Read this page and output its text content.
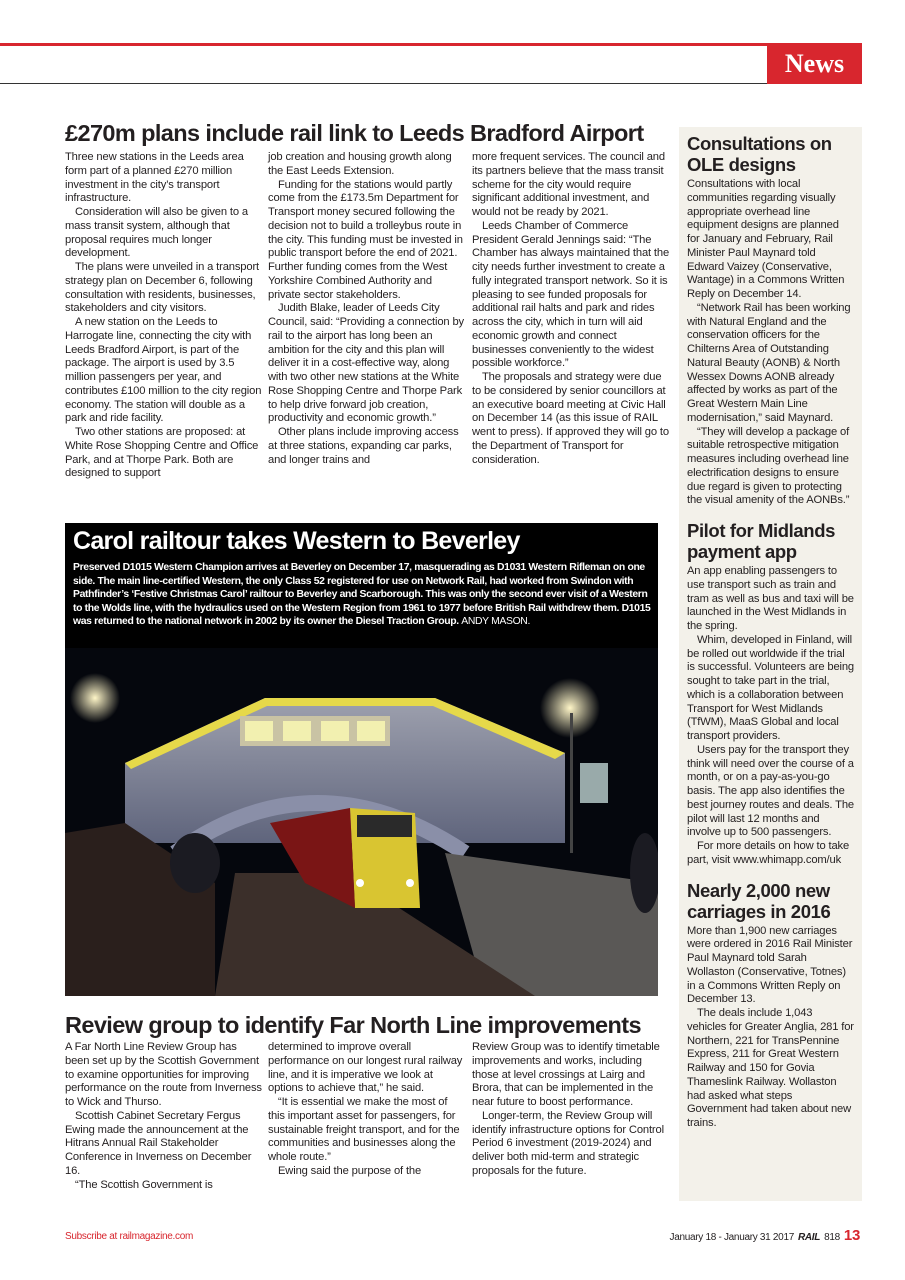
News
£270m plans include rail link to Leeds Bradford Airport

Three new stations in the Leeds area form part of a planned £270 million investment in the city’s transport infrastructure.

Consideration will also be given to a mass transit system, although that proposal requires much longer development.

The plans were unveiled in a transport strategy plan on December 6, following consultation with residents, businesses, stakeholders and city visitors.

A new station on the Leeds to Harrogate line, connecting the city with Leeds Bradford Airport, is part of the package. The airport is used by 3.5 million passengers per year, and contributes £100 million to the city region economy. The station will double as a park and ride facility.

Two other stations are proposed: at White Rose Shopping Centre and Office Park, and at Thorpe Park. Both are designed to support

job creation and housing growth along the East Leeds Extension.

Funding for the stations would partly come from the £173.5m Department for Transport money secured following the decision not to build a trolleybus route in the city. This funding must be invested in public transport before the end of 2021. Further funding comes from the West Yorkshire Combined Authority and private sector stakeholders.

Judith Blake, leader of Leeds City Council, said: “Providing a connection by rail to the airport has long been an ambition for the city and this plan will deliver it in a cost-effective way, along with two other new stations at the White Rose Shopping Centre and Thorpe Park to help drive forward job creation, productivity and economic growth.”

Other plans include improving access at three stations, expanding car parks, and longer trains and

more frequent services. The council and its partners believe that the mass transit scheme for the city would require significant additional investment, and would not be ready by 2021.

Leeds Chamber of Commerce President Gerald Jennings said: “The Chamber has always maintained that the city needs further investment to create a fully integrated transport network. So it is pleasing to see funded proposals for additional rail halts and park and rides across the city, which in turn will aid economic growth and connect businesses conveniently to the widest possible workforce.”

The proposals and strategy were due to be considered by senior councillors at an executive board meeting at Civic Hall on December 14 (as this issue of RAIL went to press). If approved they will go to the Department of Transport for consideration.

Carol railtour takes Western to Beverley
Preserved D1015 Western Champion arrives at Beverley on December 17, masquerading as D1031 Western Rifleman on one side. The main line-certified Western, the only Class 52 registered for use on Network Rail, had worked from Swindon with Pathfinder’s ‘Festive Christmas Carol’ railtour to Beverley and Scarborough. This was only the second ever visit of a Western to the Wolds line, with the hydraulics used on the Western Region from 1961 to 1977 before British Rail withdrew them. D1015 was returned to the national network in 2002 by its owner the Diesel Traction Group. ANDY MASON.
Review group to identify Far North Line improvements

A Far North Line Review Group has been set up by the Scottish Government to examine opportunities for improving performance on the route from Inverness to Wick and Thurso.

Scottish Cabinet Secretary Fergus Ewing made the announcement at the Hitrans Annual Rail Stakeholder Conference in Inverness on December 16.

“The Scottish Government is

determined to improve overall performance on our longest rural railway line, and it is imperative we look at options to achieve that,” he said.

“It is essential we make the most of this important asset for passengers, for sustainable freight transport, and for the communities and businesses along the whole route.”

Ewing said the purpose of the

Review Group was to identify timetable improvements and works, including those at level crossings at Lairg and Brora, that can be implemented in the near future to boost performance.

Longer-term, the Review Group will identify infrastructure options for Control Period 6 investment (2019-2024) and deliver both mid-term and strategic proposals for the future.

Consultations on OLE designs

Consultations with local communities regarding visually appropriate overhead line equipment designs are planned for January and February, Rail Minister Paul Maynard told Edward Vaizey (Conservative, Wantage) in a Commons Written Reply on December 14.

“Network Rail has been working with Natural England and the conservation officers for the Chilterns Area of Outstanding Natural Beauty (AONB) & North Wessex Downs AONB already affected by works as part of the Great Western Main Line modernisation,” said Maynard.

“They will develop a package of suitable retrospective mitigation measures including overhead line electrification designs to ensure due regard is given to protecting the visual amenity of the AONBs.”

Pilot for Midlands payment app

An app enabling passengers to use transport such as train and tram as well as bus and taxi will be launched in the West Midlands in the spring.

Whim, developed in Finland, will be rolled out worldwide if the trial is successful. Volunteers are being sought to take part in the trial, which is a collaboration between Transport for West Midlands (TfWM), MaaS Global and local transport providers.

Users pay for the transport they think will need over the course of a month, or on a pay-as-you-go basis. The app also identifies the best journey routes and deals. The pilot will last 12 months and involve up to 500 passengers.

For more details on how to take part, visit www.whimapp.com/uk

Nearly 2,000 new carriages in 2016

More than 1,900 new carriages were ordered in 2016 Rail Minister Paul Maynard told Sarah Wollaston (Conservative, Totnes) in a Commons Written Reply on December 13.

The deals include 1,043 vehicles for Greater Anglia, 281 for Northern, 221 for TransPennine Express, 211 for Great Western Railway and 150 for Govia Thameslink Railway. Wollaston had asked what steps Government had taken about new trains.

Subscribe at railmagazine.com	January 18 - January 31 2017 RAIL 818 13
